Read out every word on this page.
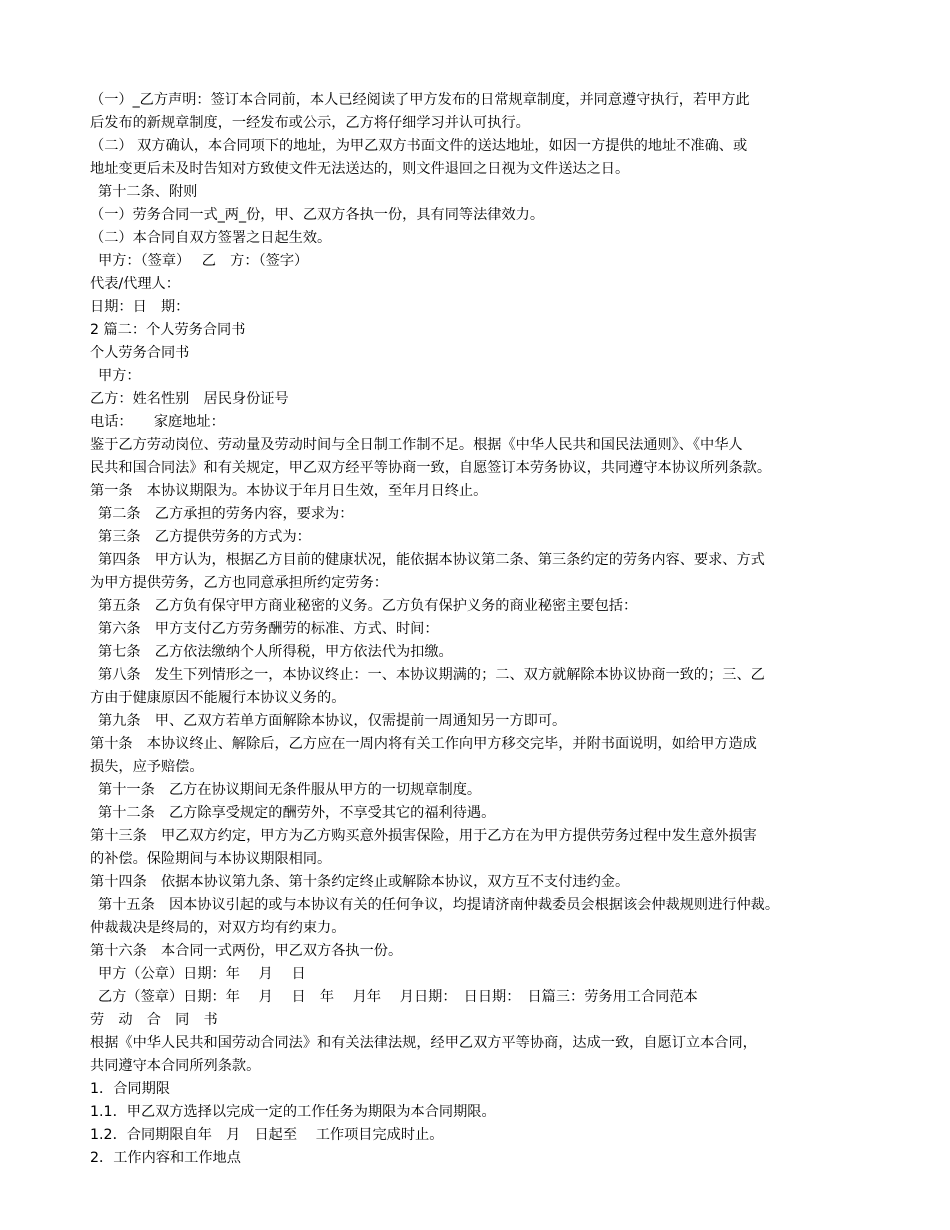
（一）_乙方声明：签订本合同前，本人已经阅读了甲方发布的日常规章制度，并同意遵守执行，若甲方此
后发布的新规章制度，一经发布或公示，乙方将仔细学习并认可执行。
（二） 双方确认，本合同项下的地址，为甲乙双方书面文件的送达地址，如因一方提供的地址不准确、或
地址变更后未及时告知对方致使文件无法送达的，则文件退回之日视为文件送达之日。
第十二条、附则
（一）劳务合同一式_两_份，甲、乙双方各执一份，具有同等法律效力。
（二）本合同自双方签署之日起生效。
甲方：（签章）　 乙　方：（签字）
代表/代理人：
日期：日　期：
2 篇二：个人劳务合同书
个人劳务合同书
甲方：
乙方：姓名性别　居民身份证号
电话：　　家庭地址：
鉴于乙方劳动岗位、劳动量及劳动时间与全日制工作制不足。根据《中华人民共和国民法通则》、《中华人
民共和国合同法》和有关规定，甲乙双方经平等协商一致，自愿签订本劳务协议，共同遵守本协议所列条款。
第一条　本协议期限为。本协议于年月日生效，至年月日终止。
第二条　乙方承担的劳务内容，要求为：
第三条　乙方提供劳务的方式为：
第四条　甲方认为，根据乙方目前的健康状况，能依据本协议第二条、第三条约定的劳务内容、要求、方式
为甲方提供劳务，乙方也同意承担所约定劳务：
第五条　乙方负有保守甲方商业秘密的义务。乙方负有保护义务的商业秘密主要包括：
第六条　甲方支付乙方劳务酬劳的标准、方式、时间：
第七条　乙方依法缴纳个人所得税，甲方依法代为扣缴。
第八条　发生下列情形之一，本协议终止：一、本协议期满的；二、双方就解除本协议协商一致的；三、乙
方由于健康原因不能履行本协议义务的。
第九条　甲、乙双方若单方面解除本协议，仅需提前一周通知另一方即可。
第十条　本协议终止、解除后，乙方应在一周内将有关工作向甲方移交完毕，并附书面说明，如给甲方造成
损失，应予赔偿。
第十一条　乙方在协议期间无条件服从甲方的一切规章制度。
第十二条　乙方除享受规定的酬劳外，不享受其它的福利待遇。
第十三条　甲乙双方约定，甲方为乙方购买意外损害保险，用于乙方在为甲方提供劳务过程中发生意外损害
的补偿。保险期间与本协议期限相同。
第十四条　依据本协议第九条、第十条约定终止或解除本协议，双方互不支付违约金。
第十五条　因本协议引起的或与本协议有关的任何争议，均提请济南仲裁委员会根据该会仲裁规则进行仲裁。
仲裁裁决是终局的，对双方均有约束力。
第十六条　本合同一式两份，甲乙双方各执一份。
甲方（公章）日期：年　 月　 日
乙方（签章）日期：年　 月　 日　年　 月年　 月日期：　日日期：　日篇三：劳务用工合同范本
劳　动　合　同　书
根据《中华人民共和国劳动合同法》和有关法律法规，经甲乙双方平等协商，达成一致，自愿订立本合同，
共同遵守本合同所列条款。
1．合同期限
1.1．甲乙双方选择以完成一定的工作任务为期限为本合同期限。
1.2．合同期限自年　月　日起至　 工作项目完成时止。
2．工作内容和工作地点
